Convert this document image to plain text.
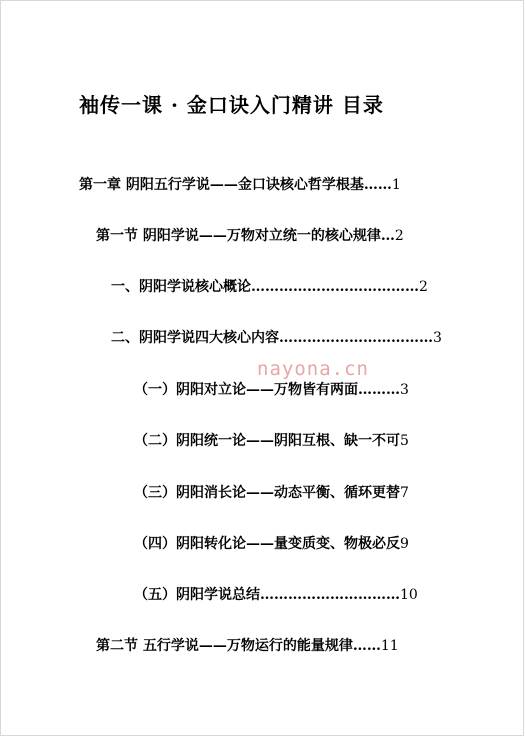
袖传一课 · 金口诀入门精讲 目录
第一章 阴阳五行学说——金口诀核心哲学根基……1
第一节 阴阳学说——万物对立统一的核心规律…2
一、阴阳学说核心概论………………………………2
二、阴阳学说四大核心内容……………………………3
（一）阴阳对立论——万物皆有两面………3
（二）阴阳统一论——阴阳互根、缺一不可5
（三）阴阳消长论——动态平衡、循环更替7
（四）阴阳转化论——量变质变、物极必反9
（五）阴阳学说总结…………………………10
第二节 五行学说——万物运行的能量规律……11
nayona.cn
